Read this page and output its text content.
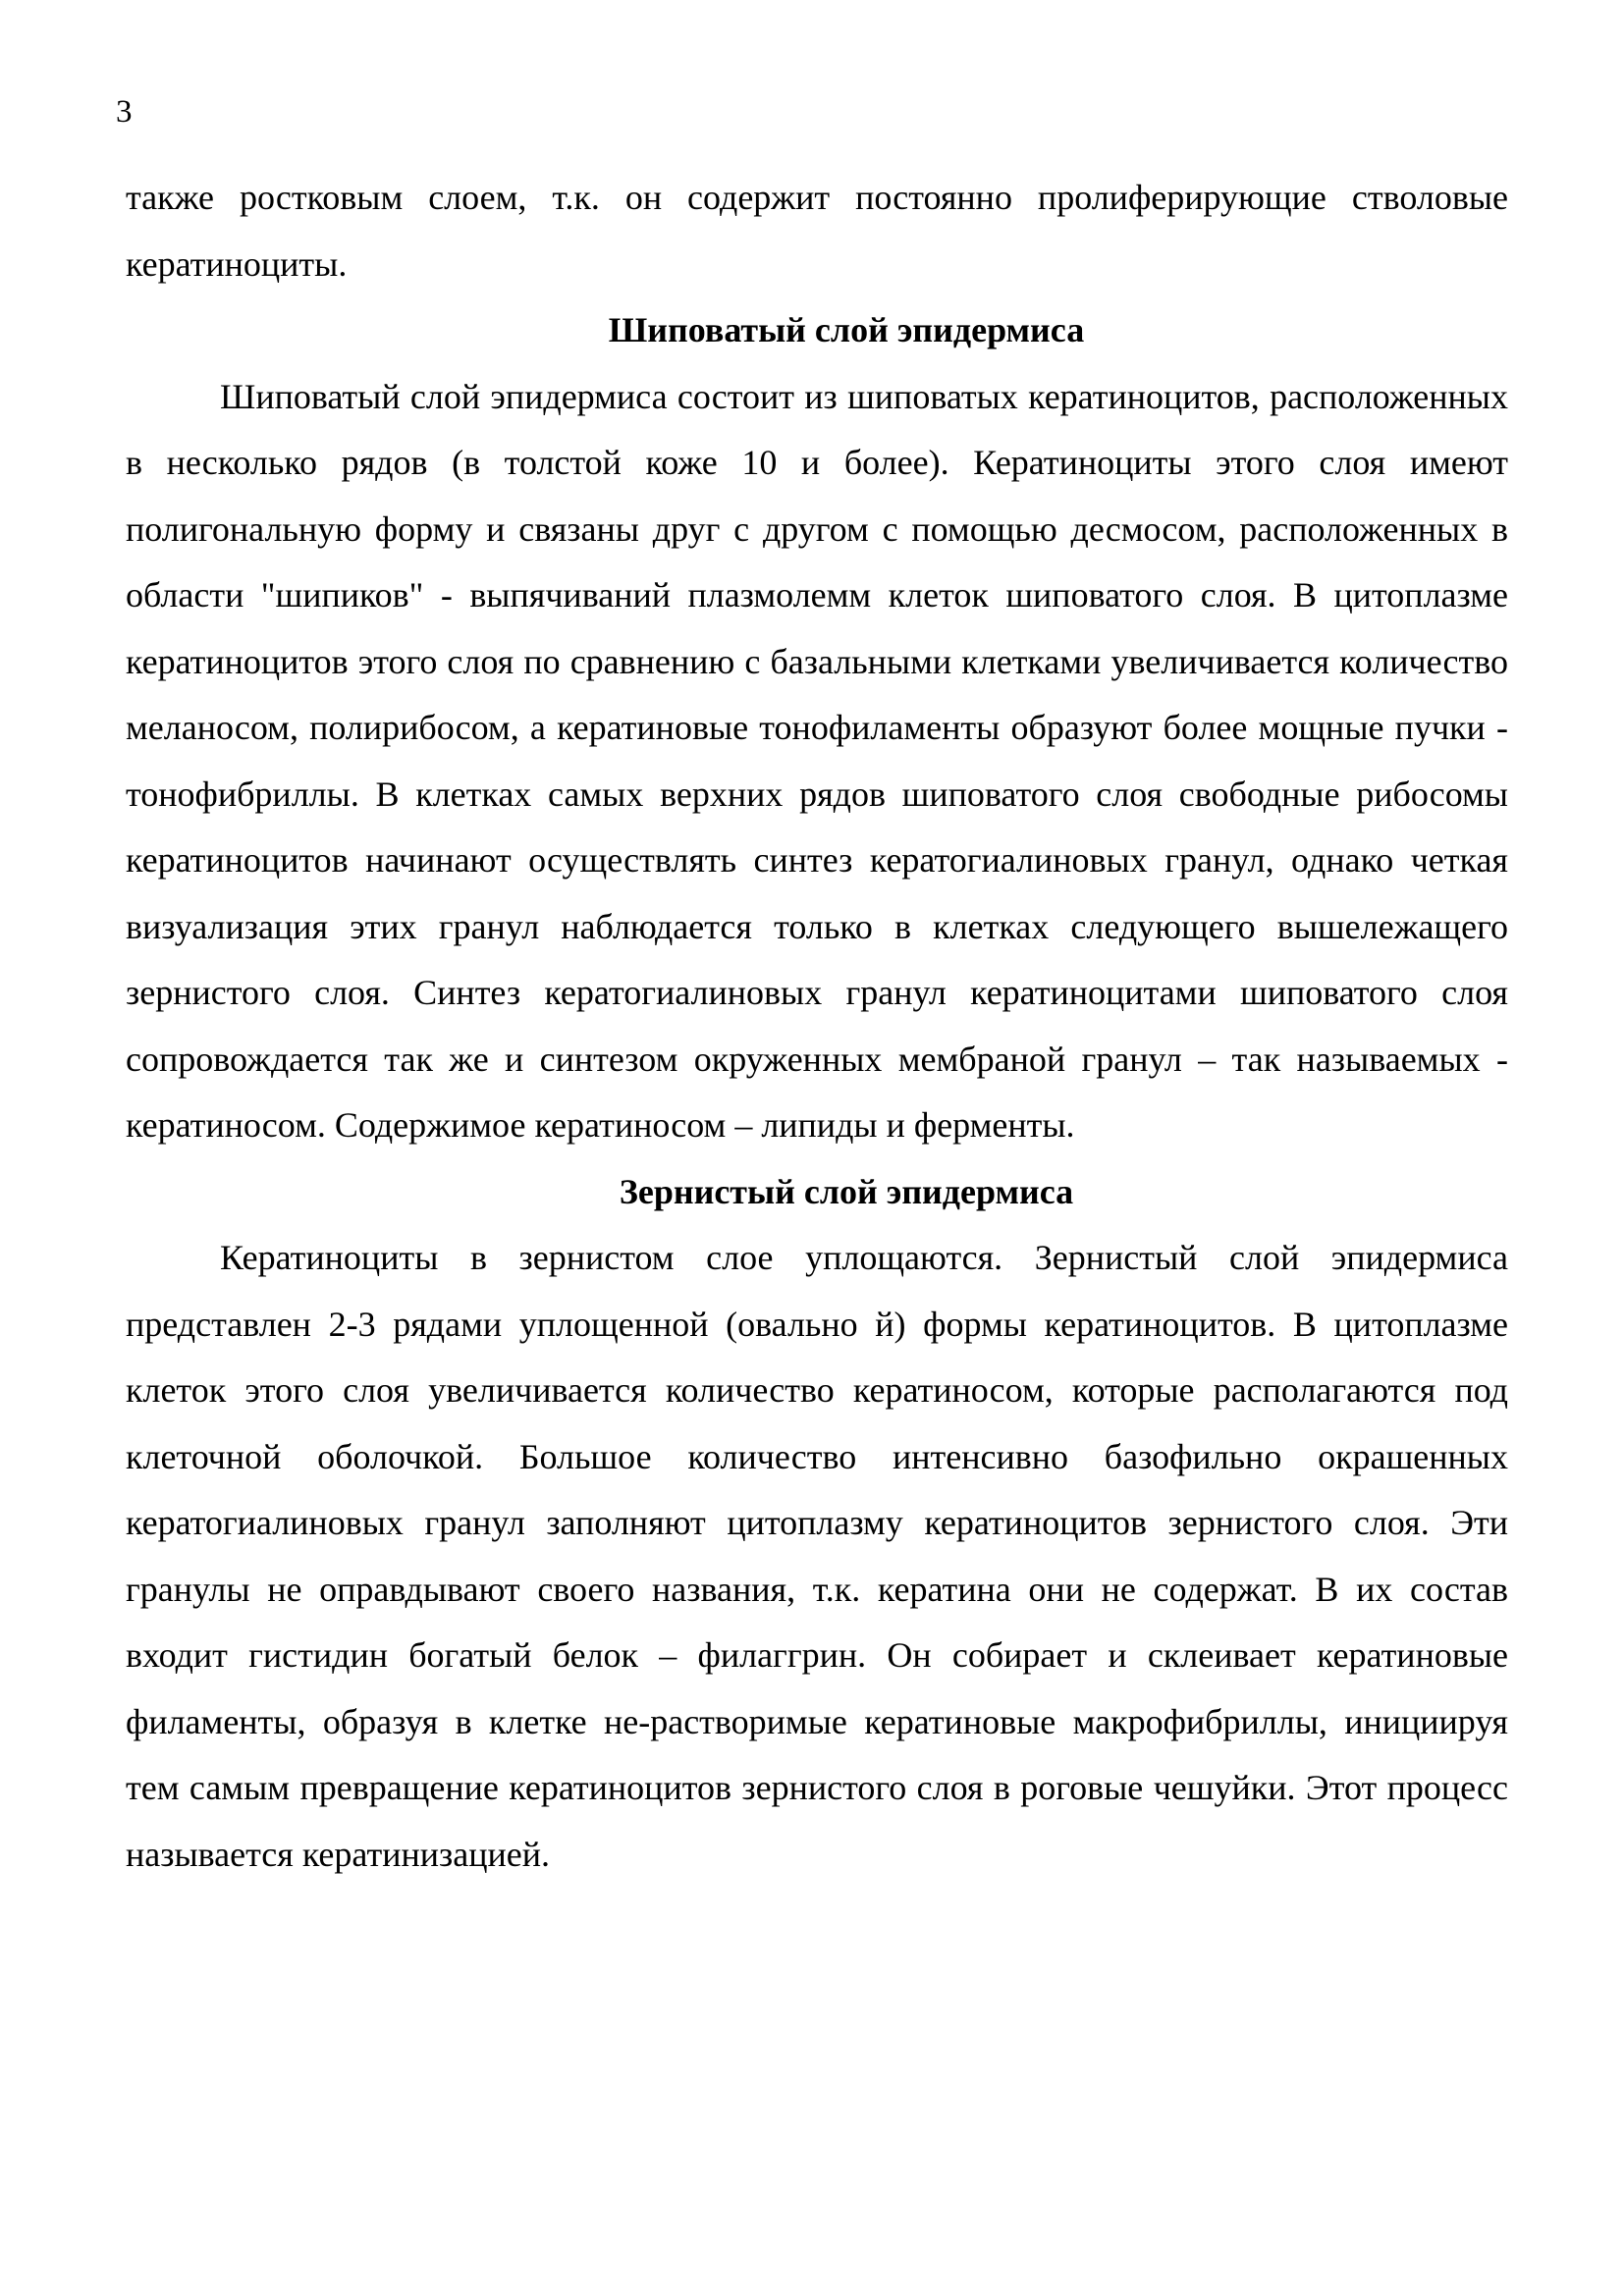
3

также ростковым слоем, т.к. он содержит постоянно пролиферирующие стволовые кератиноциты.

Шиповатый слой эпидермиса

Шиповатый слой эпидермиса состоит из шиповатых кератиноцитов, расположенных в несколько рядов (в толстой коже 10 и более). Кератиноциты этого слоя имеют полигональную форму и связаны друг с другом с помощью десмосом, расположенных в области "шипиков" - выпячиваний плазмолемм клеток шиповатого слоя. В цитоплазме кератиноцитов этого слоя по сравнению с базальными клетками увеличивается количество меланосом, полирибосом, а кератиновые тонофиламенты образуют более мощные пучки - тонофибриллы. В клетках самых верхних рядов шиповатого слоя свободные рибосомы кератиноцитов начинают осуществлять синтез кератогиалиновых гранул, однако четкая визуализация этих гранул наблюдается только в клетках следующего вышележащего зернистого слоя. Синтез кератогиалиновых гранул кератиноцитами шиповатого слоя сопровождается так же и синтезом окруженных мембраной гранул – так называемых - кератиносом. Содержимое кератиносом – липиды и ферменты.

Зернистый слой эпидермиса

Кератиноциты в зернистом слое уплощаются. Зернистый слой эпидермиса представлен 2-3 рядами уплощенной (овально й) формы кератиноцитов. В цитоплазме клеток этого слоя увеличивается количество кератиносом, которые располагаются под клеточной оболочкой. Большое количество интенсивно базофильно окрашенных кератогиалиновых гранул заполняют цитоплазму кератиноцитов зернистого слоя. Эти гранулы не оправдывают своего названия, т.к. кератина они не содержат. В их состав входит гистидин богатый белок – филаггрин. Он собирает и склеивает кератиновые филаменты, образуя в клетке не-растворимые кератиновые макрофибриллы, инициируя тем самым превращение кератиноцитов зернистого слоя в роговые чешуйки. Этот процесс называется кератинизацией.
